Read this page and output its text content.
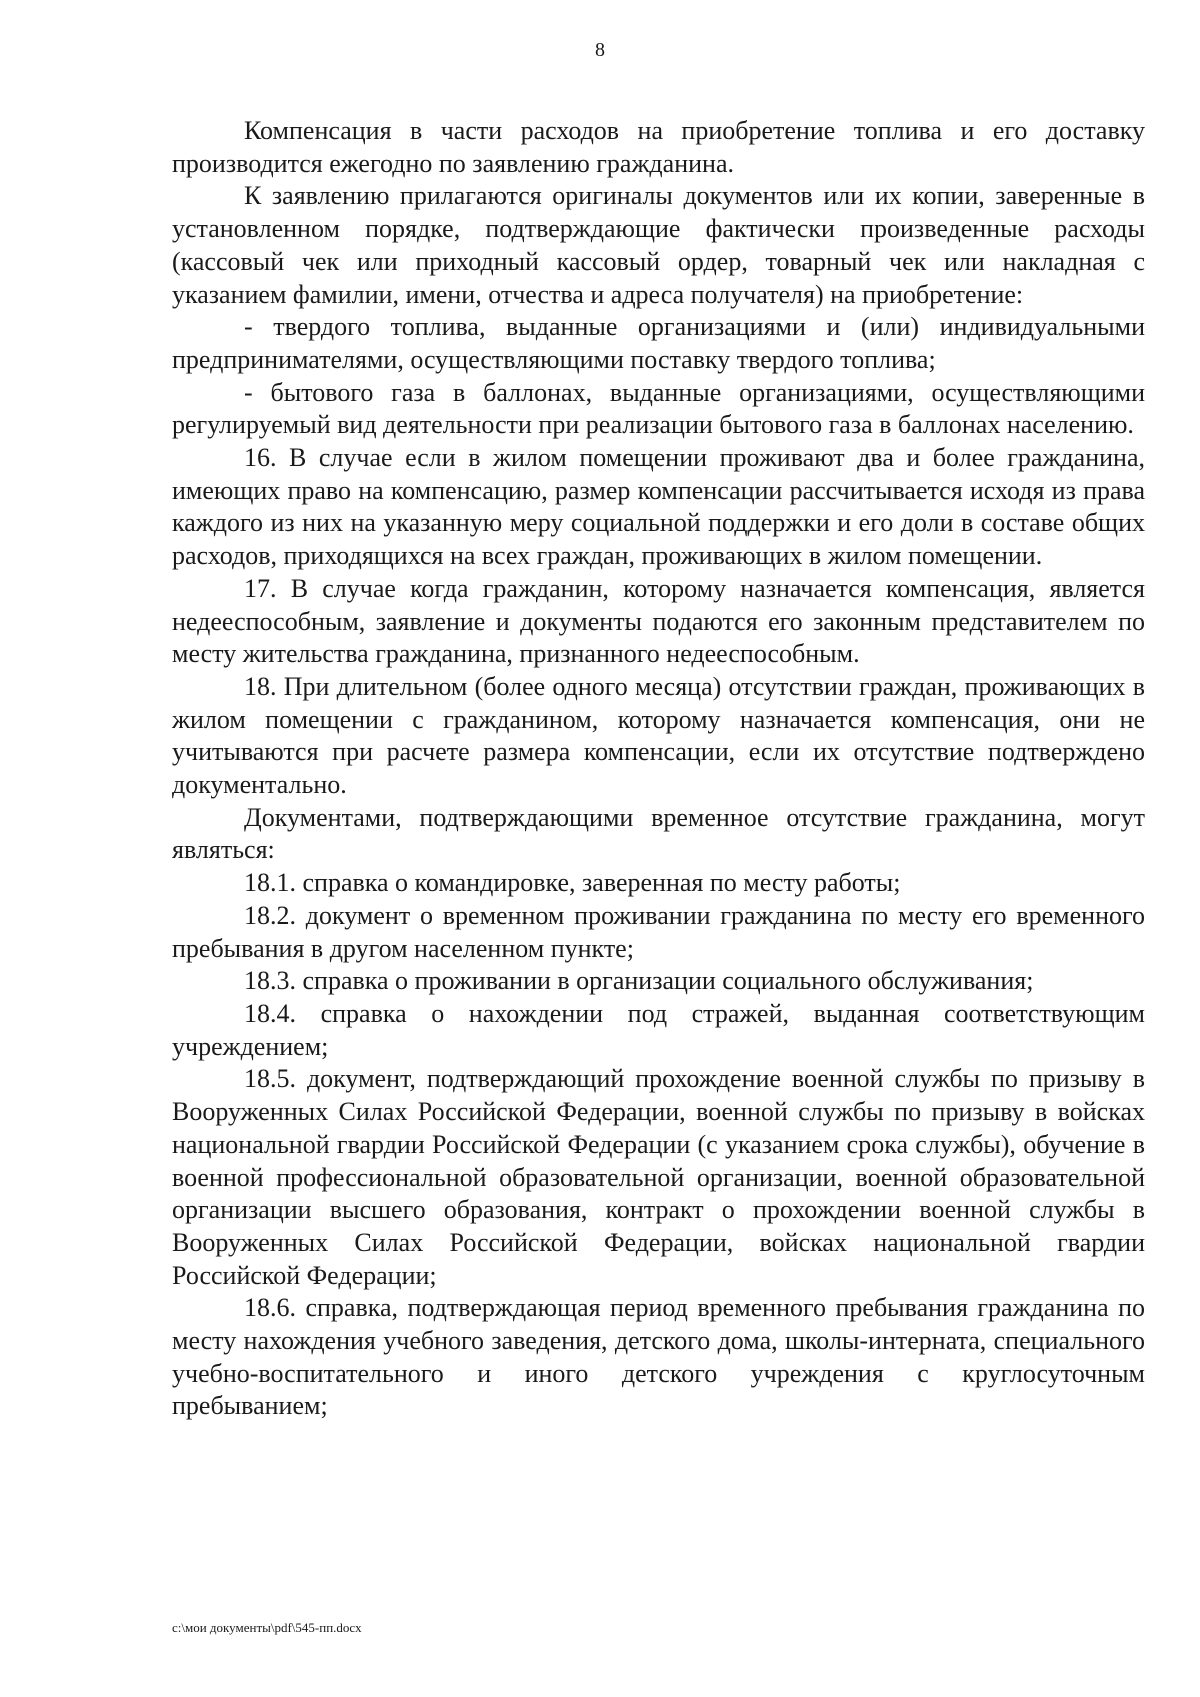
8

Компенсация в части расходов на приобретение топлива и его доставку производится ежегодно по заявлению гражданина.

К заявлению прилагаются оригиналы документов или их копии, заверенные в установленном порядке, подтверждающие фактически произведенные расходы (кассовый чек или приходный кассовый ордер, товарный чек или накладная с указанием фамилии, имени, отчества и адреса получателя) на приобретение:

- твердого топлива, выданные организациями и (или) индивидуальными предпринимателями, осуществляющими поставку твердого топлива;

- бытового газа в баллонах, выданные организациями, осуществляющими регулируемый вид деятельности при реализации бытового газа в баллонах населению.

16. В случае если в жилом помещении проживают два и более гражданина, имеющих право на компенсацию, размер компенсации рассчитывается исходя из права каждого из них на указанную меру социальной поддержки и его доли в составе общих расходов, приходящихся на всех граждан, проживающих в жилом помещении.

17. В случае когда гражданин, которому назначается компенсация, является недееспособным, заявление и документы подаются его законным представителем по месту жительства гражданина, признанного недееспособным.

18. При длительном (более одного месяца) отсутствии граждан, проживающих в жилом помещении с гражданином, которому назначается компенсация, они не учитываются при расчете размера компенсации, если их отсутствие подтверждено документально.

Документами, подтверждающими временное отсутствие гражданина, могут являться:

18.1. справка о командировке, заверенная по месту работы;

18.2. документ о временном проживании гражданина по месту его временного пребывания в другом населенном пункте;

18.3. справка о проживании в организации социального обслуживания;

18.4. справка о нахождении под стражей, выданная соответствующим учреждением;

18.5. документ, подтверждающий прохождение военной службы по призыву в Вооруженных Силах Российской Федерации, военной службы по призыву в войсках национальной гвардии Российской Федерации (с указанием срока службы), обучение в военной профессиональной образовательной организации, военной образовательной организации высшего образования, контракт о прохождении военной службы в Вооруженных Силах Российской Федерации, войсках национальной гвардии Российской Федерации;

18.6. справка, подтверждающая период временного пребывания гражданина по месту нахождения учебного заведения, детского дома, школы-интерната, специального учебно-воспитательного и иного детского учреждения с круглосуточным пребыванием;

c:\мои документы\pdf\545-пп.docx
